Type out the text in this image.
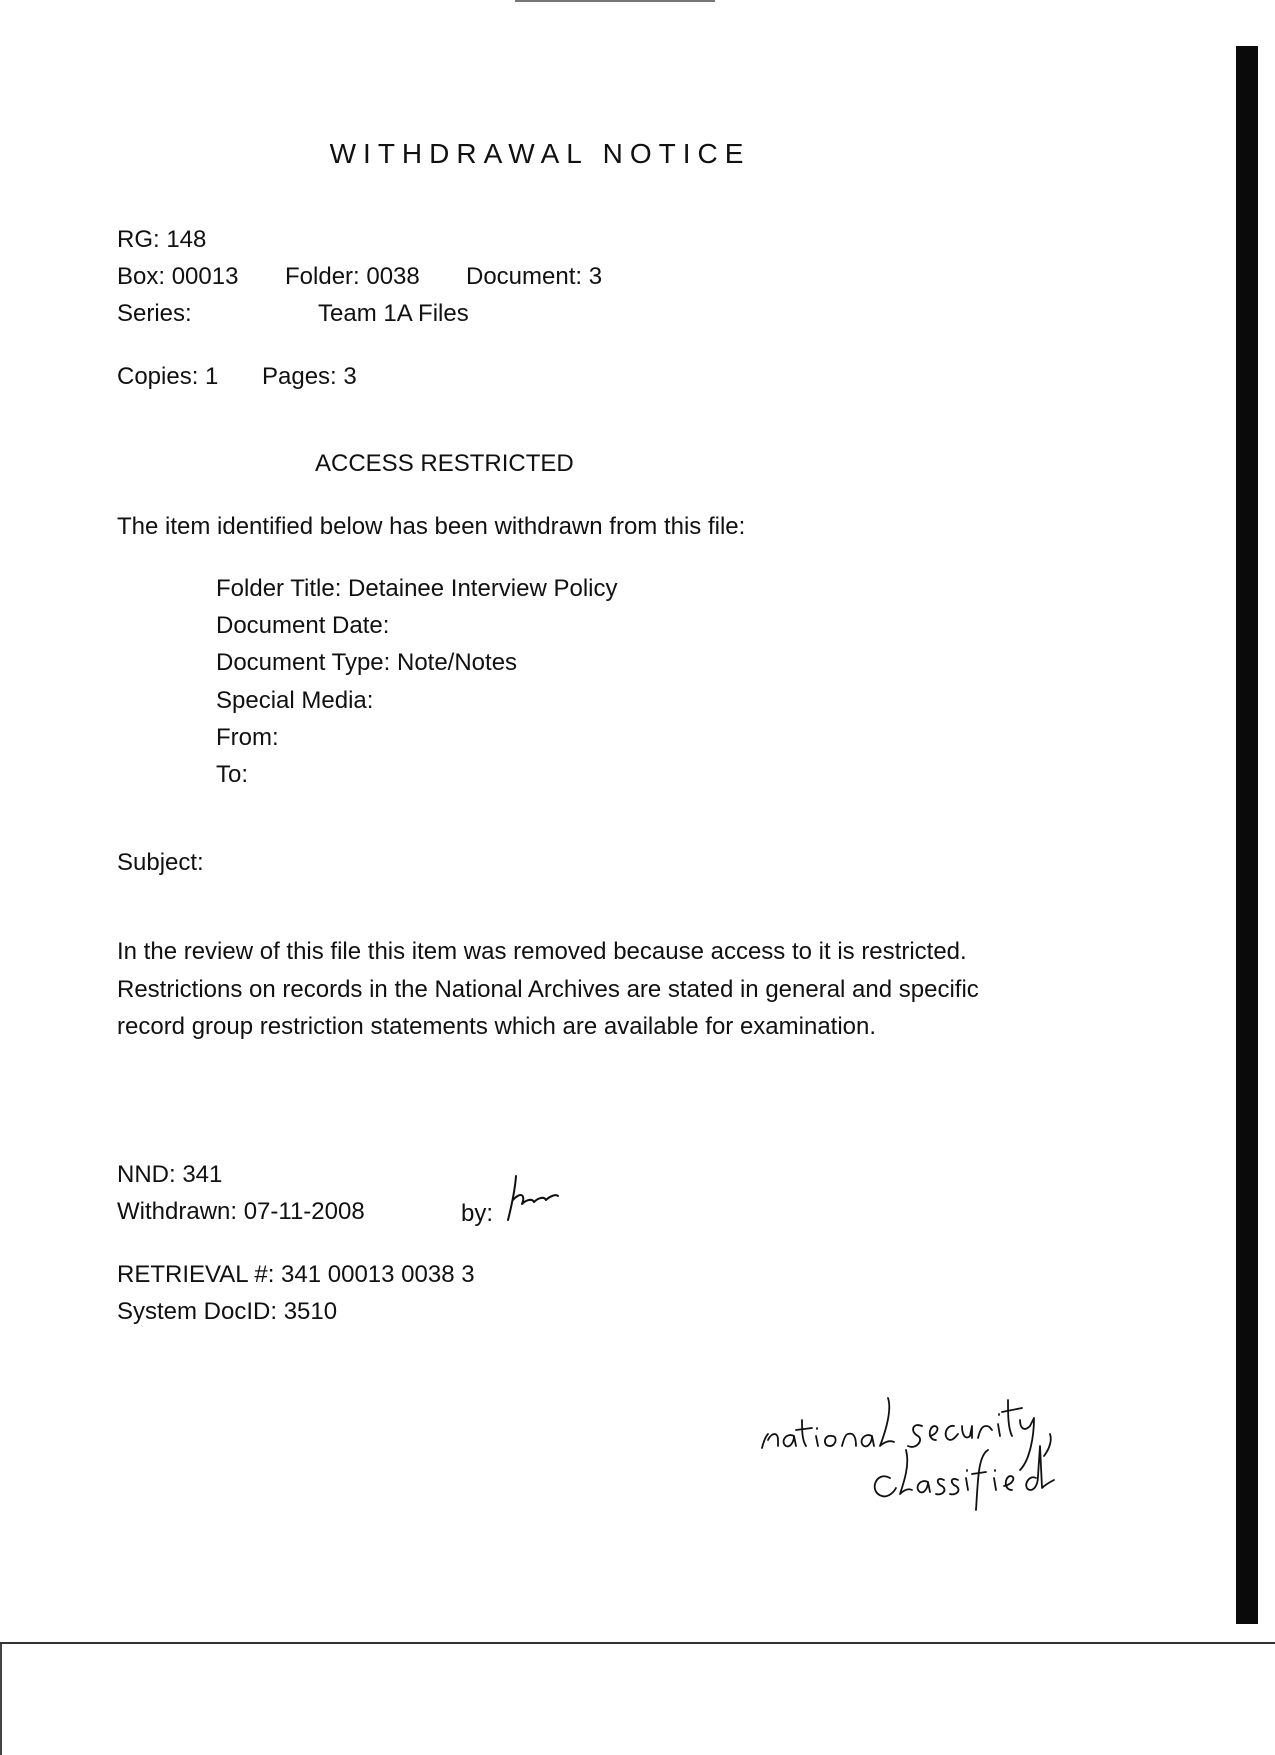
WITHDRAWAL NOTICE
RG: 148
Box: 00013 Folder: 0038 Document: 3
Series:	Team 1A Files
Copies: 1 Pages: 3
ACCESS RESTRICTED
The item identified below has been withdrawn from this file:
Folder Title: Detainee Interview Policy
Document Date:
Document Type: Note/Notes
Special Media:
From:
To:
Subject:
In the review of this file this item was removed because access to it is restricted. Restrictions on records in the National Archives are stated in general and specific record group restriction statements which are available for examination.
NND: 341
Withdrawn: 07-11-2008	by:
RETRIEVAL #: 341 00013 0038 3
System DocID: 3510
